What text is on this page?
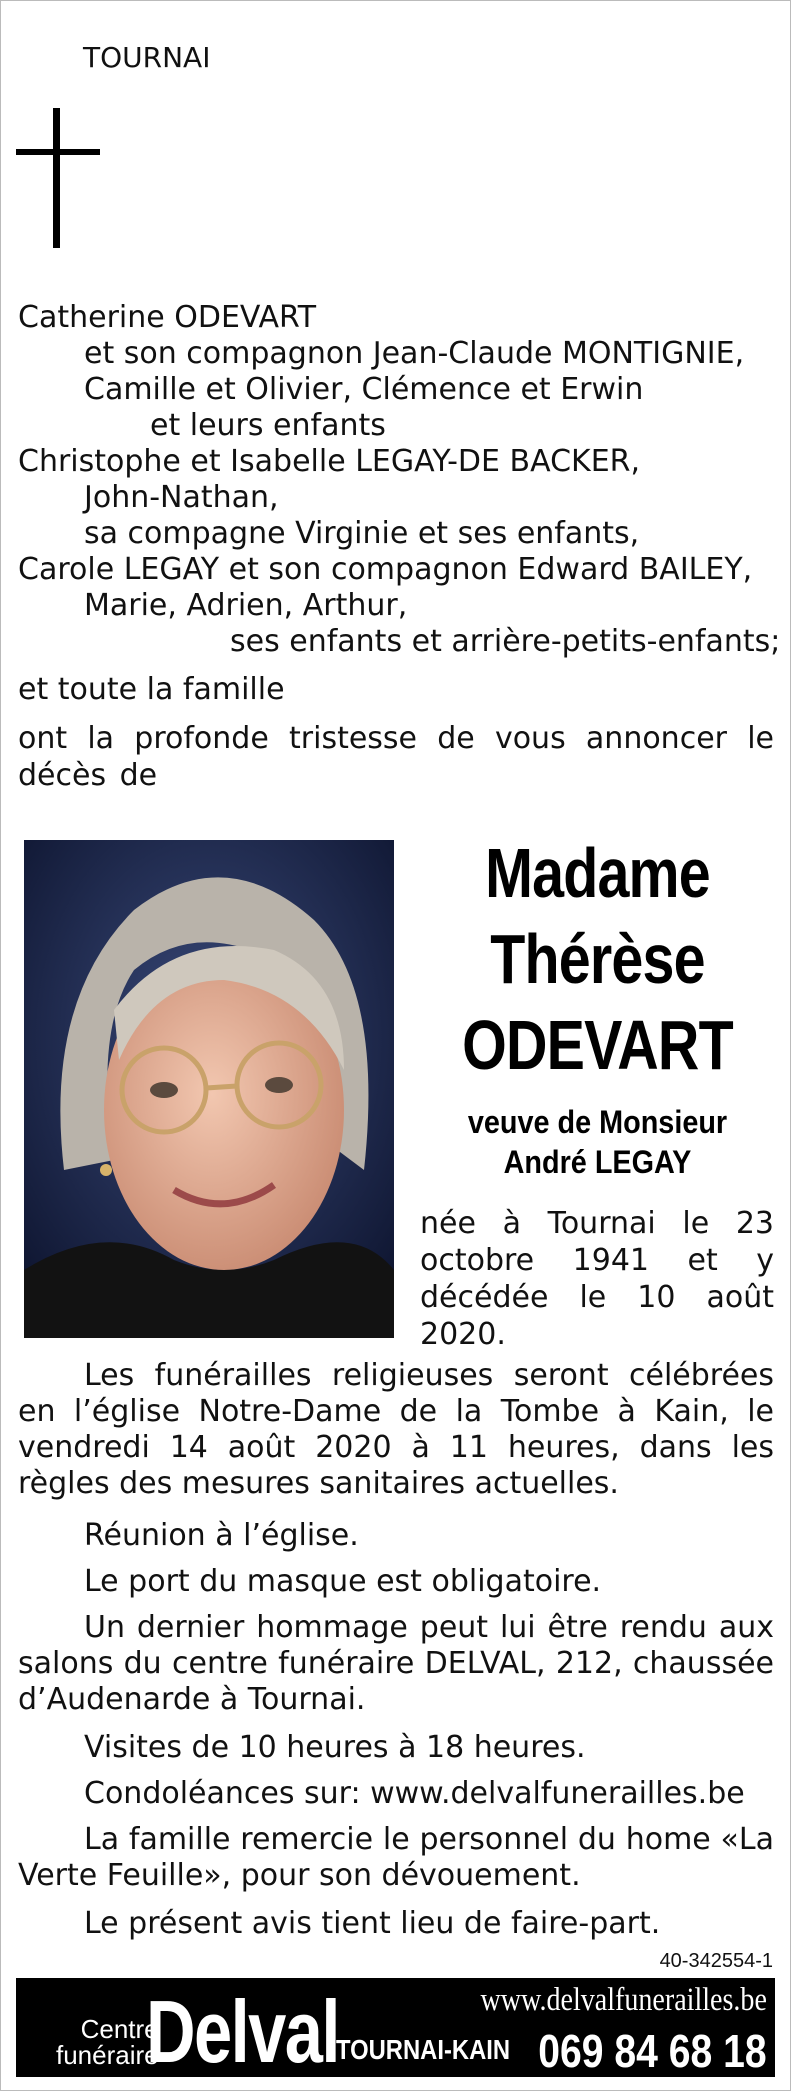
TOURNAI
Catherine ODEVART
et son compagnon Jean-Claude MONTIGNIE,
Camille et Olivier, Clémence et Erwin
et leurs enfants
Christophe et Isabelle LEGAY-DE BACKER,
John-Nathan,
sa compagne Virginie et ses enfants,
Carole LEGAY et son compagnon Edward BAILEY,
Marie, Adrien, Arthur,
ses enfants et arrière-petits-enfants;
et toute la famille
ont la profonde tristesse de vous annoncer le décès de
Madame
Thérèse
ODEVART
veuve de Monsieur
André LEGAY
née à Tournai le 23 octobre 1941 et y décédée le 10 août 2020.
Les funérailles religieuses seront célébrées en l’église Notre-Dame de la Tombe à Kain, le vendredi 14 août 2020 à 11 heures, dans les règles des mesures sanitaires actuelles.
Réunion à l’église.
Le port du masque est obligatoire.
Un dernier hommage peut lui être rendu aux salons du centre funéraire DELVAL, 212, chaussée d’Audenarde à Tournai.
Visites de 10 heures à 18 heures.
Condoléances sur: www.delvalfunerailles.be
La famille remercie le personnel du home «La Verte Feuille», pour son dévouement.
Le présent avis tient lieu de faire-part.
40-342554-1
Centre
funéraire
Delval	www.delvalfunerailles.be
TOURNAI-KAIN 069 84 68 18
